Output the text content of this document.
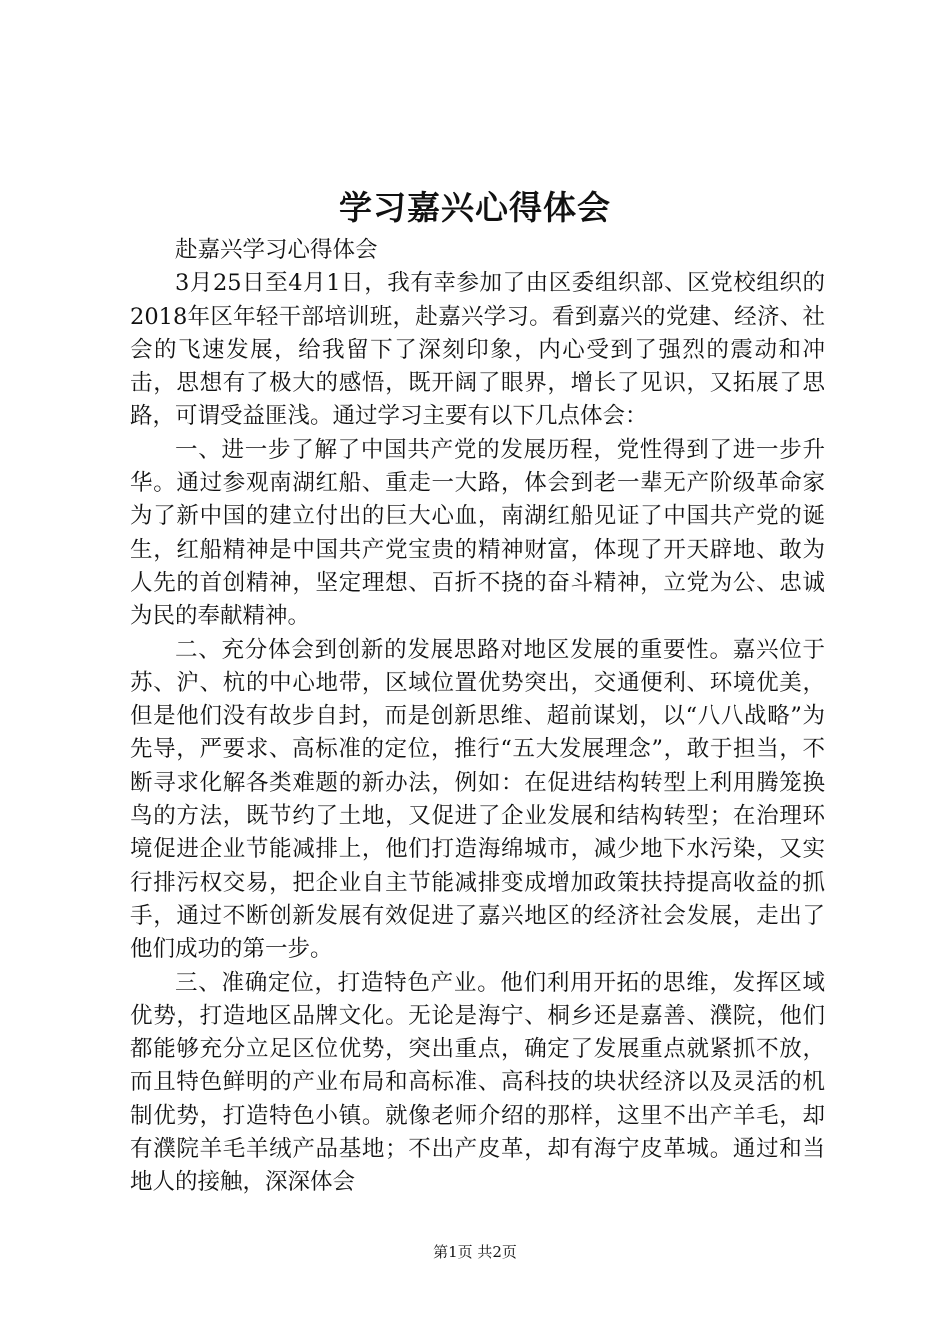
学习嘉兴心得体会

赴嘉兴学习心得体会

3月25日至4月1日，我有幸参加了由区委组织部、区党校组织的2018年区年轻干部培训班，赴嘉兴学习。看到嘉兴的党建、经济、社会的飞速发展，给我留下了深刻印象，内心受到了强烈的震动和冲击，思想有了极大的感悟，既开阔了眼界，增长了见识，又拓展了思路，可谓受益匪浅。通过学习主要有以下几点体会：

一、进一步了解了中国共产党的发展历程，党性得到了进一步升华。通过参观南湖红船、重走一大路，体会到老一辈无产阶级革命家为了新中国的建立付出的巨大心血，南湖红船见证了中国共产党的诞生，红船精神是中国共产党宝贵的精神财富，体现了开天辟地、敢为人先的首创精神，坚定理想、百折不挠的奋斗精神，立党为公、忠诚为民的奉献精神。

二、充分体会到创新的发展思路对地区发展的重要性。嘉兴位于苏、沪、杭的中心地带，区域位置优势突出，交通便利、环境优美，但是他们没有故步自封，而是创新思维、超前谋划，以“八八战略”为先导，严要求、高标准的定位，推行“五大发展理念”，敢于担当，不断寻求化解各类难题的新办法，例如：在促进结构转型上利用腾笼换鸟的方法，既节约了土地，又促进了企业发展和结构转型；在治理环境促进企业节能减排上，他们打造海绵城市，减少地下水污染，又实行排污权交易，把企业自主节能减排变成增加政策扶持提高收益的抓手，通过不断创新发展有效促进了嘉兴地区的经济社会发展，走出了他们成功的第一步。

三、准确定位，打造特色产业。他们利用开拓的思维，发挥区域优势，打造地区品牌文化。无论是海宁、桐乡还是嘉善、濮院，他们都能够充分立足区位优势，突出重点，确定了发展重点就紧抓不放，而且特色鲜明的产业布局和高标准、高科技的块状经济以及灵活的机制优势，打造特色小镇。就像老师介绍的那样，这里不出产羊毛，却有濮院羊毛羊绒产品基地；不出产皮革，却有海宁皮革城。通过和当地人的接触，深深体会

第1页 共2页
